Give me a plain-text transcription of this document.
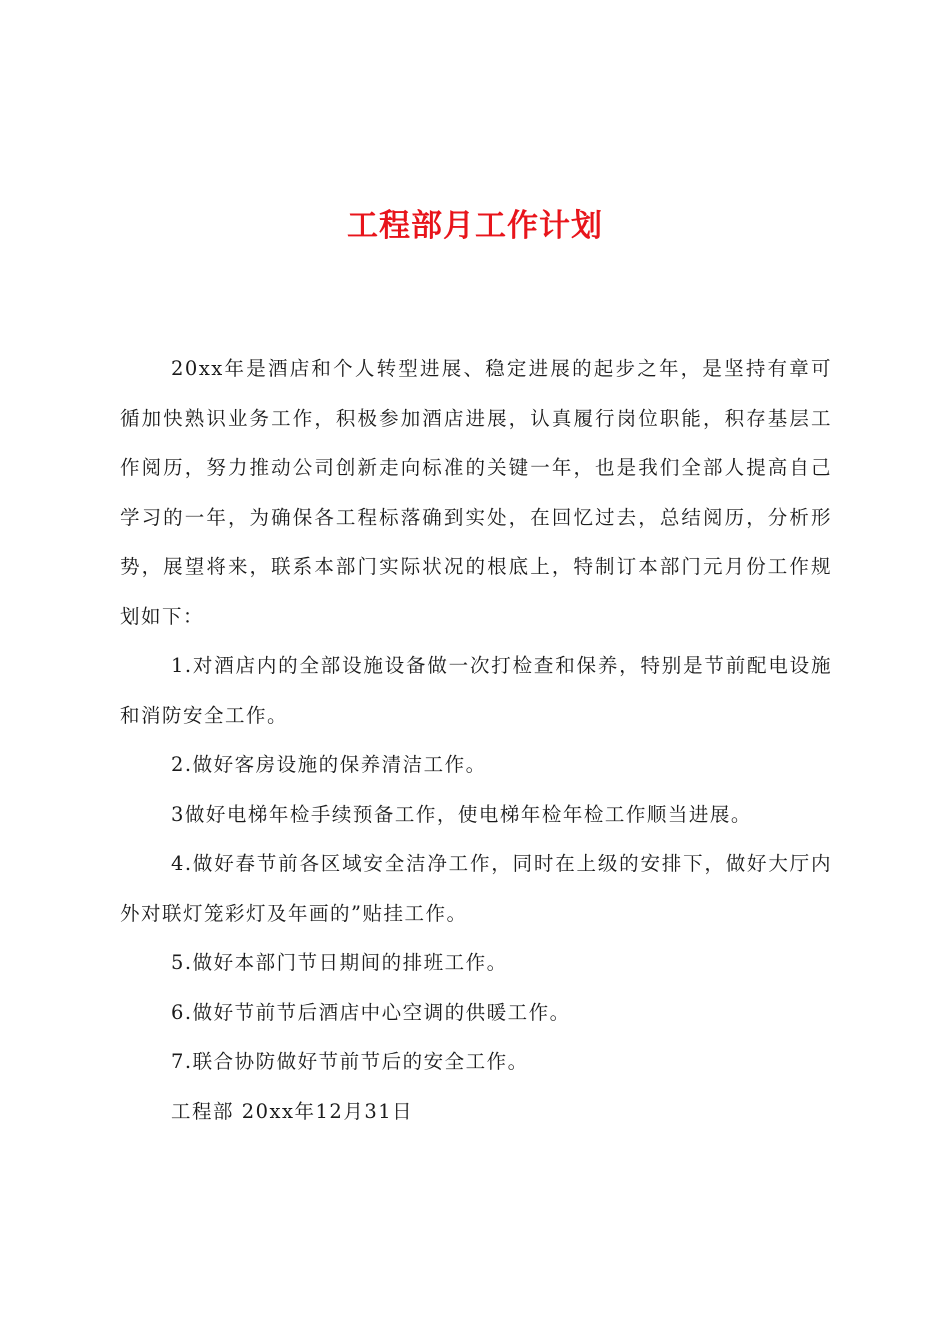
工程部月工作计划

20xx年是酒店和个人转型进展、稳定进展的起步之年，是坚持有章可循加快熟识业务工作，积极参加酒店进展，认真履行岗位职能，积存基层工作阅历，努力推动公司创新走向标准的关键一年，也是我们全部人提高自己学习的一年，为确保各工程标落确到实处，在回忆过去，总结阅历，分析形势，展望将来，联系本部门实际状况的根底上，特制订本部门元月份工作规划如下：

1.对酒店内的全部设施设备做一次打检查和保养，特别是节前配电设施和消防安全工作。

2.做好客房设施的保养清洁工作。

3做好电梯年检手续预备工作，使电梯年检年检工作顺当进展。

4.做好春节前各区域安全洁净工作，同时在上级的安排下，做好大厅内外对联灯笼彩灯及年画的”贴挂工作。

5.做好本部门节日期间的排班工作。

6.做好节前节后酒店中心空调的供暖工作。

7.联合协防做好节前节后的安全工作。

工程部 20xx年12月31日
